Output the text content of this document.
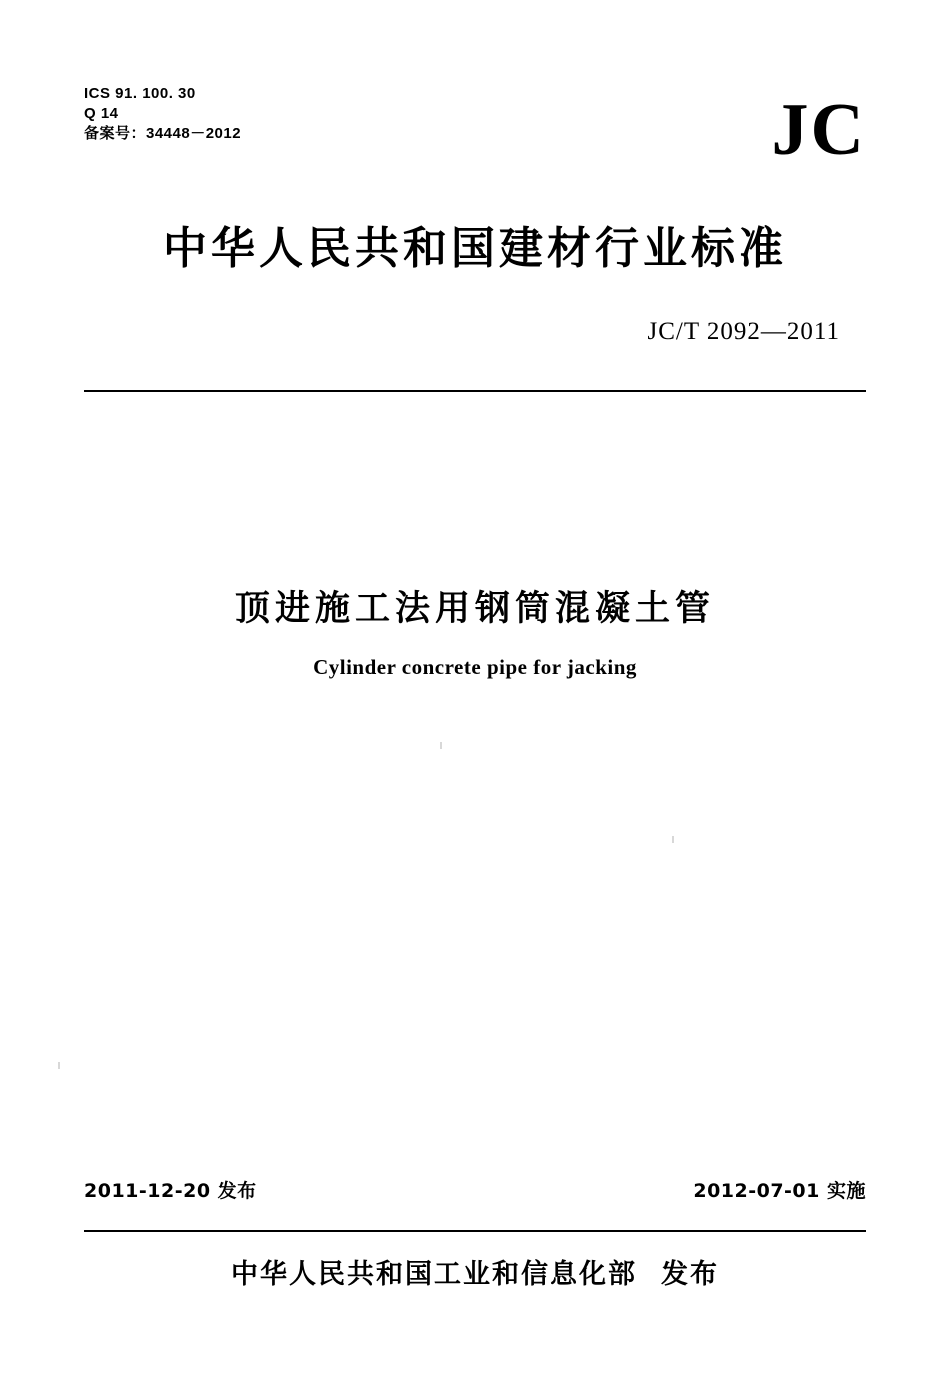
ICS 91. 100. 30
Q 14
备案号：34448－2012	JC
中华人民共和国建材行业标准
JC/T 2092—2011
顶进施工法用钢筒混凝土管
Cylinder concrete pipe for jacking
2011-12-20 发布	2012-07-01 实施
中华人民共和国工业和信息化部 发布
